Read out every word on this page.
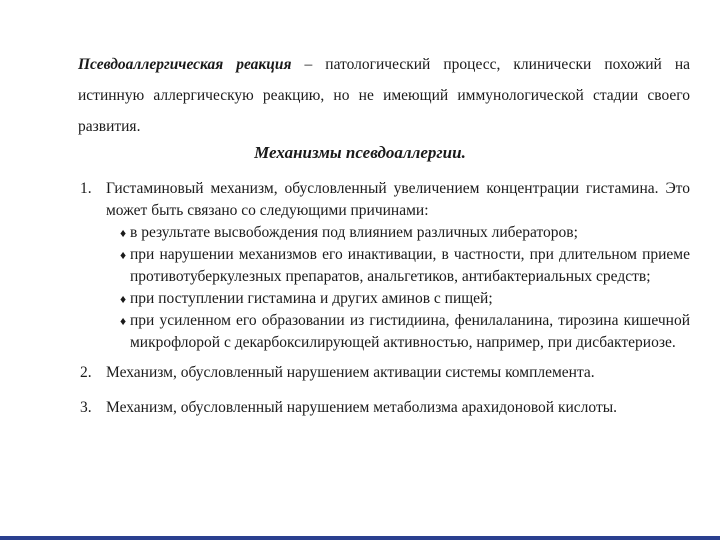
Псевдоаллергическая реакция – патологический процесс, клинически похожий на истинную аллергическую реакцию, но не имеющий иммунологической стадии своего развития.
Механизмы псевдоаллергии.
1. Гистаминовый механизм, обусловленный увеличением концентрации гистамина. Это может быть связано со следующими причинами:
♦ в результате высвобождения под влиянием различных либераторов;
♦ при нарушении механизмов его инактивации, в частности, при длительном приеме противотуберкулезных препаратов, анальгетиков, антибактериальных средств;
♦ при поступлении гистамина и других аминов с пищей;
♦ при усиленном его образовании из гистидиина, фенилаланина, тирозина кишечной микрофлорой с декарбоксилирующей активностью, например, при дисбактериозе.
2. Механизм, обусловленный нарушением активации системы комплемента.
3. Механизм, обусловленный нарушением метаболизма арахидоновой кислоты.
